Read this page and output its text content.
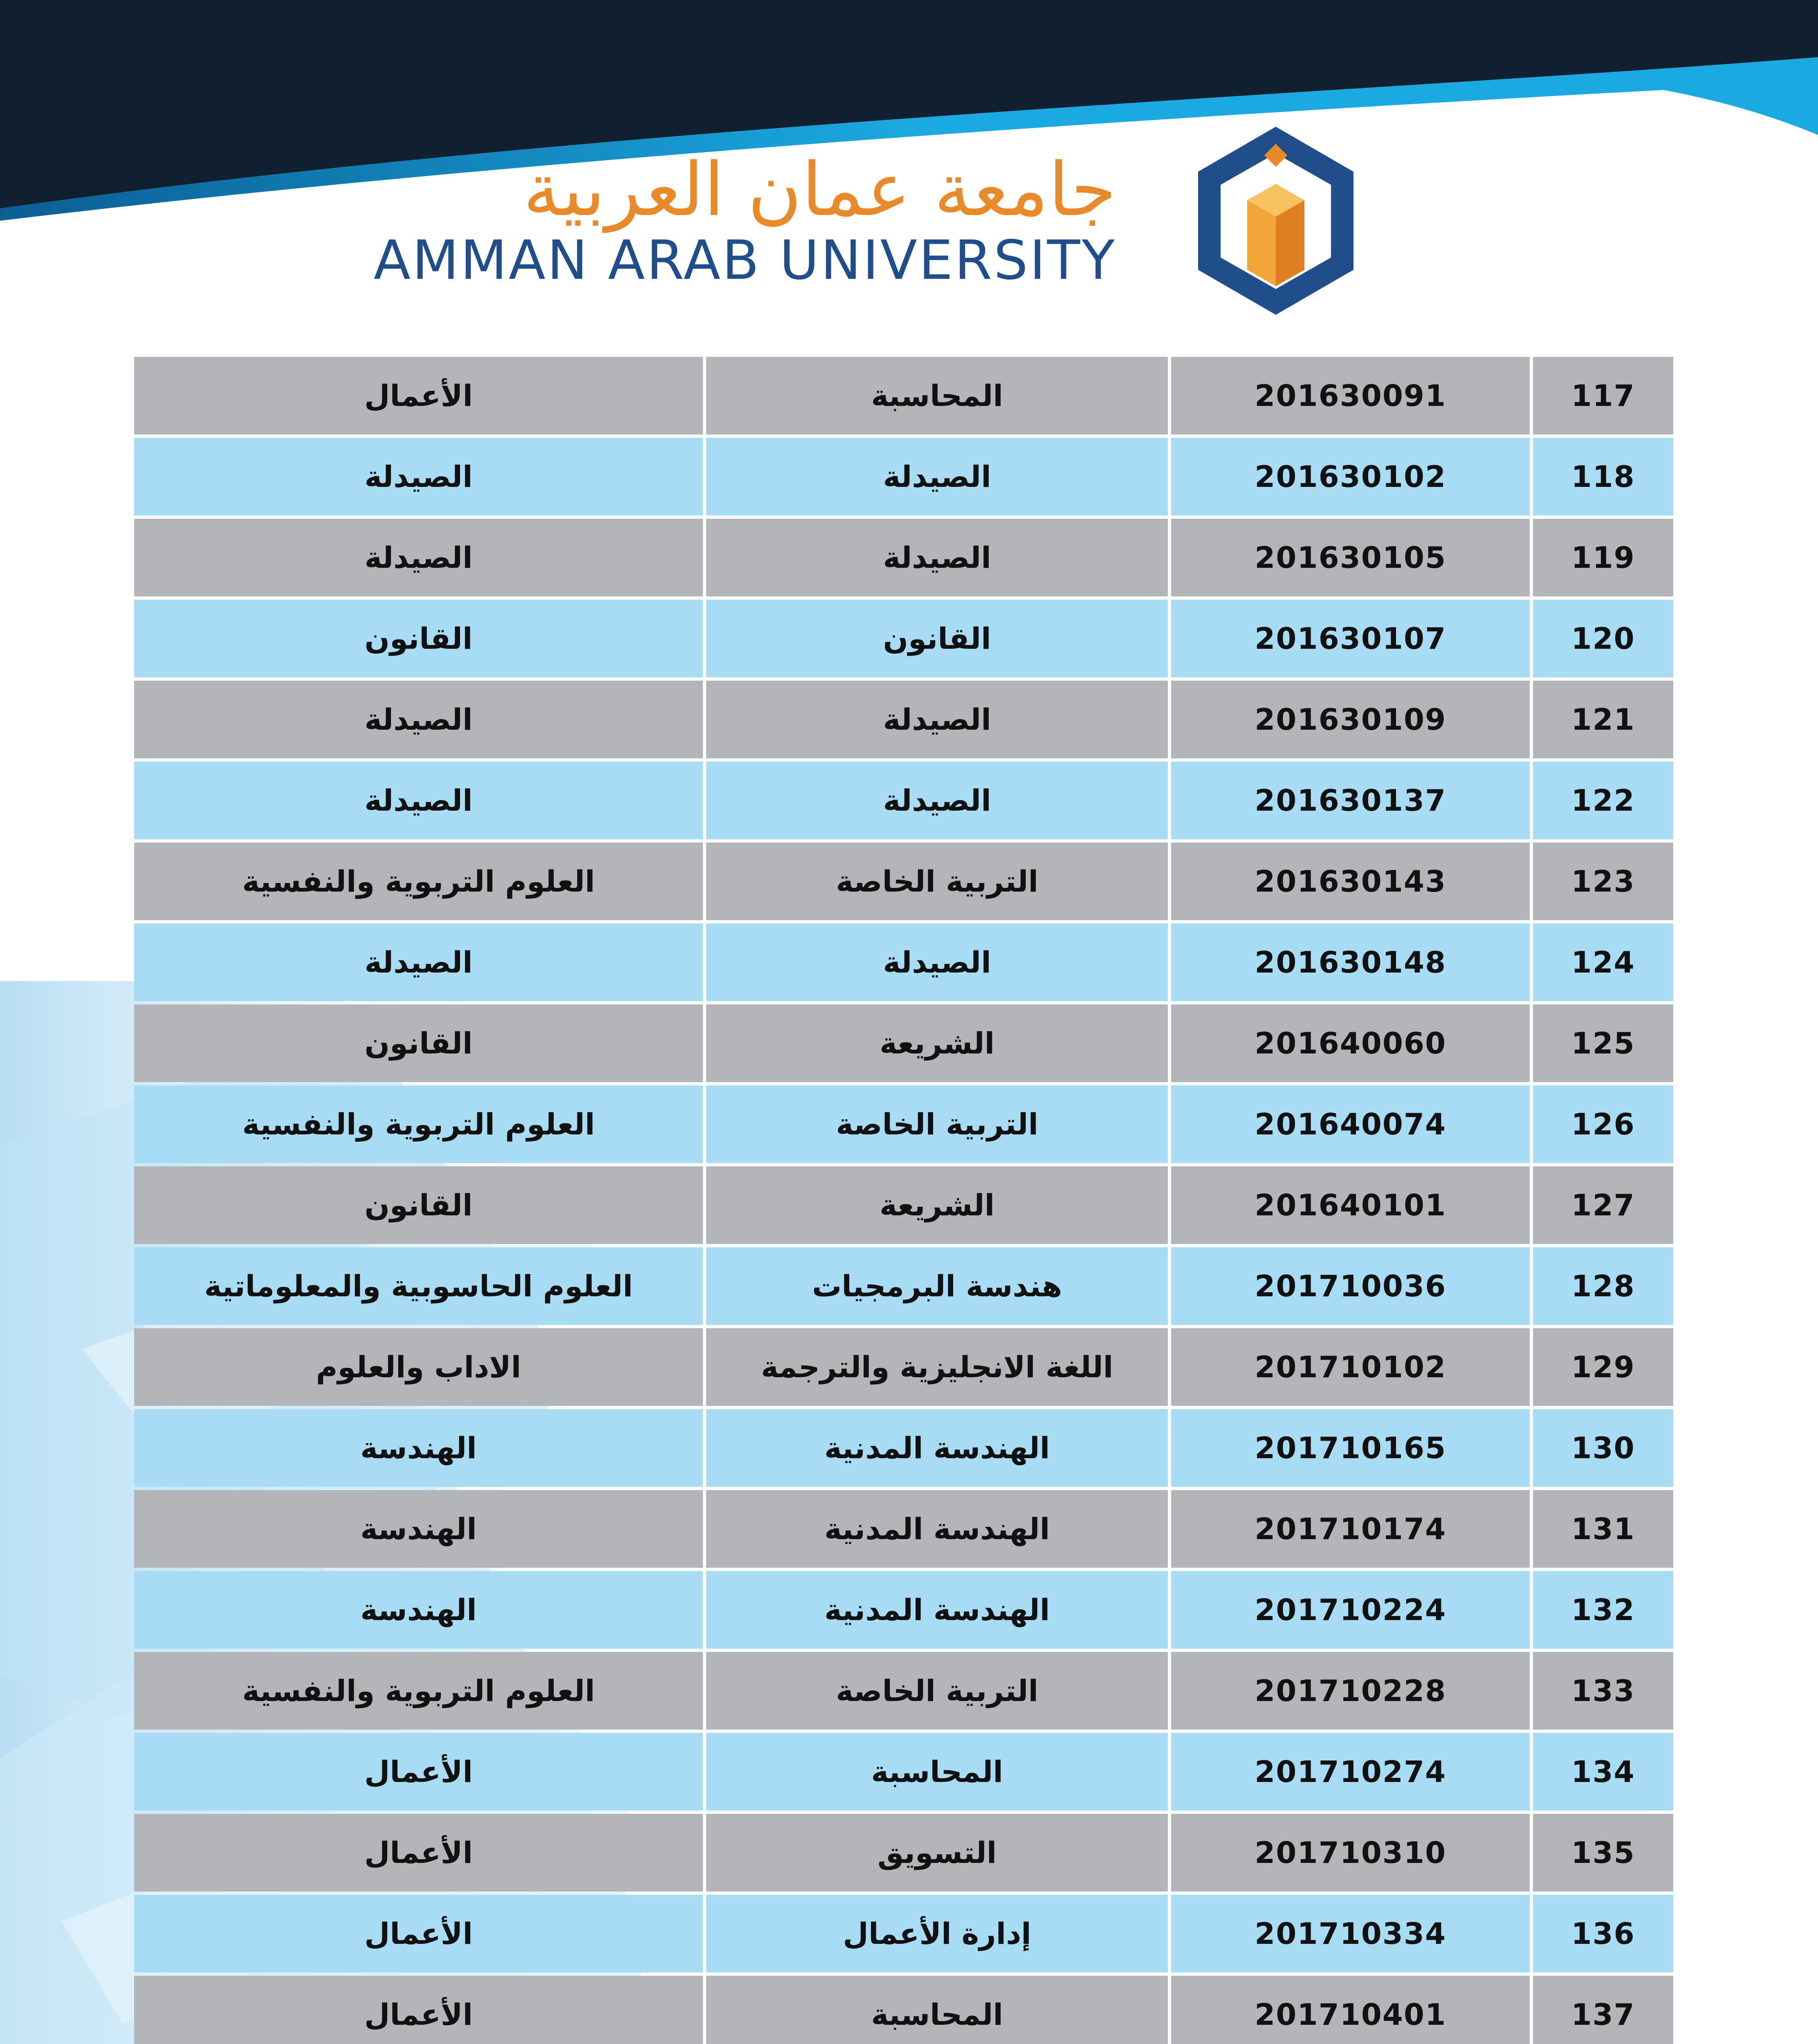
جامعة عمان العربية
AMMAN ARAB UNIVERSITY
117	201630091	المحاسبة	الأعمال
118	201630102	الصيدلة	الصيدلة
119	201630105	الصيدلة	الصيدلة
120	201630107	القانون	القانون
121	201630109	الصيدلة	الصيدلة
122	201630137	الصيدلة	الصيدلة
123	201630143	التربية الخاصة	العلوم التربوية والنفسية
124	201630148	الصيدلة	الصيدلة
125	201640060	الشريعة	القانون
126	201640074	التربية الخاصة	العلوم التربوية والنفسية
127	201640101	الشريعة	القانون
128	201710036	هندسة البرمجيات	العلوم الحاسوبية والمعلوماتية
129	201710102	اللغة الانجليزية والترجمة	الاداب والعلوم
130	201710165	الهندسة المدنية	الهندسة
131	201710174	الهندسة المدنية	الهندسة
132	201710224	الهندسة المدنية	الهندسة
133	201710228	التربية الخاصة	العلوم التربوية والنفسية
134	201710274	المحاسبة	الأعمال
135	201710310	التسويق	الأعمال
136	201710334	إدارة الأعمال	الأعمال
137	201710401	المحاسبة	الأعمال
